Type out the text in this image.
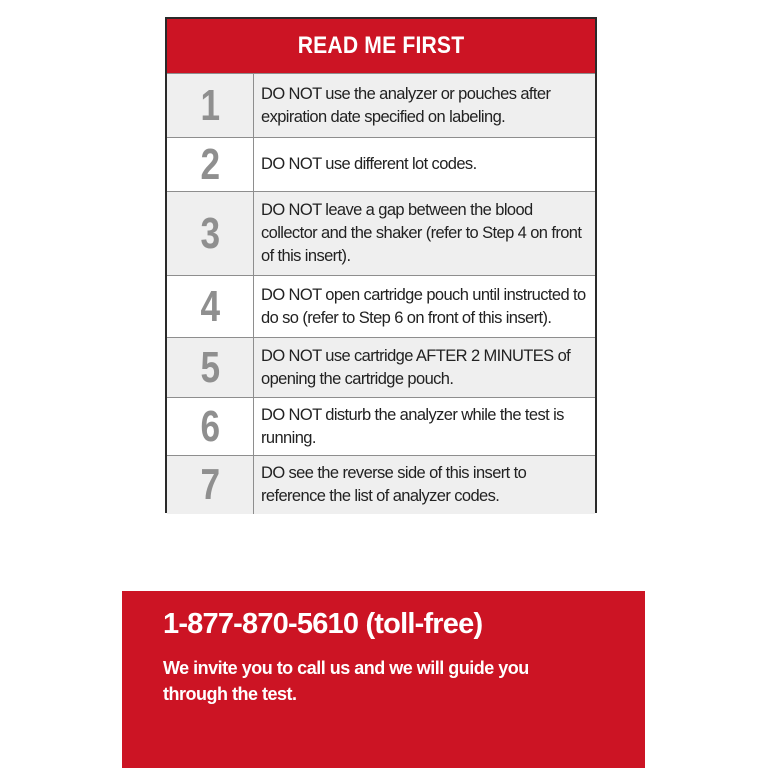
READ ME FIRST
1 DO NOT use the analyzer or pouches after expiration date specified on labeling.
2 DO NOT use different lot codes.
3 DO NOT leave a gap between the blood collector and the shaker (refer to Step 4 on front of this insert).
4 DO NOT open cartridge pouch until instructed to do so (refer to Step 6 on front of this insert).
5 DO NOT use cartridge AFTER 2 MINUTES of opening the cartridge pouch.
6 DO NOT disturb the analyzer while the test is running.
7 DO see the reverse side of this insert to reference the list of analyzer codes.
1-877-870-5610 (toll-free)
We invite you to call us and we will guide you through the test.
